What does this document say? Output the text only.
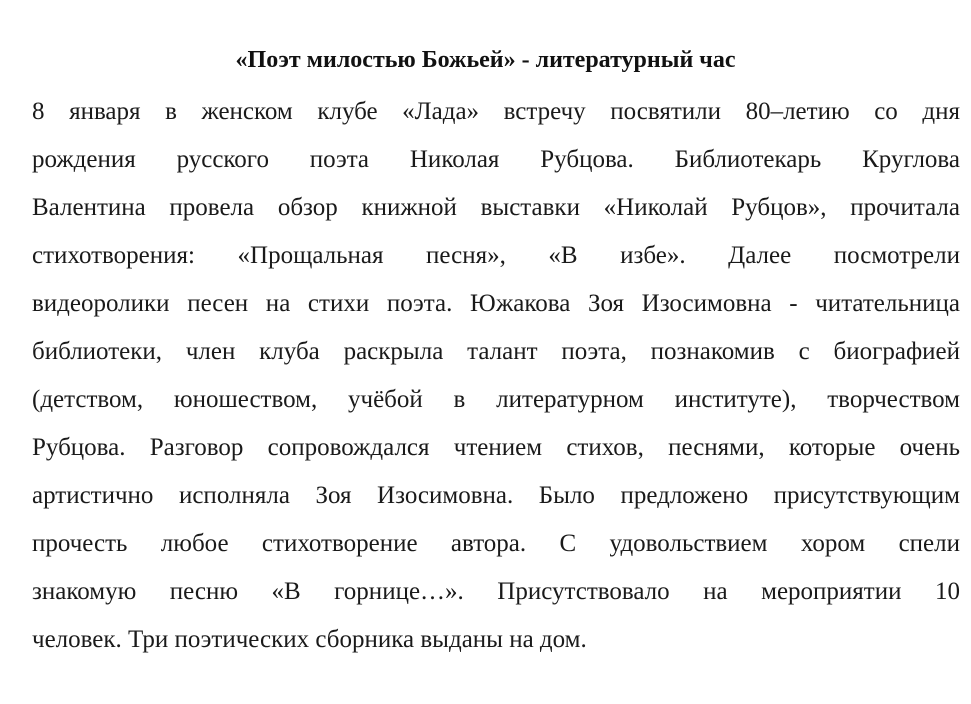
«Поэт милостью Божьей» - литературный час
8 января в женском клубе «Лада» встречу посвятили 80–летию со дня
рождения русского поэта Николая Рубцова. Библиотекарь Круглова
Валентина провела обзор книжной выставки «Николай Рубцов», прочитала
стихотворения: «Прощальная песня», «В избе». Далее посмотрели
видеоролики песен на стихи поэта. Южакова Зоя Изосимовна - читательница
библиотеки, член клуба раскрыла талант поэта, познакомив с биографией
(детством, юношеством, учёбой в литературном институте), творчеством
Рубцова. Разговор сопровождался чтением стихов, песнями, которые очень
артистично исполняла Зоя Изосимовна. Было предложено присутствующим
прочесть любое стихотворение автора. С удовольствием хором спели
знакомую песню «В горнице…». Присутствовало на мероприятии 10
человек. Три поэтических сборника выданы на дом.
